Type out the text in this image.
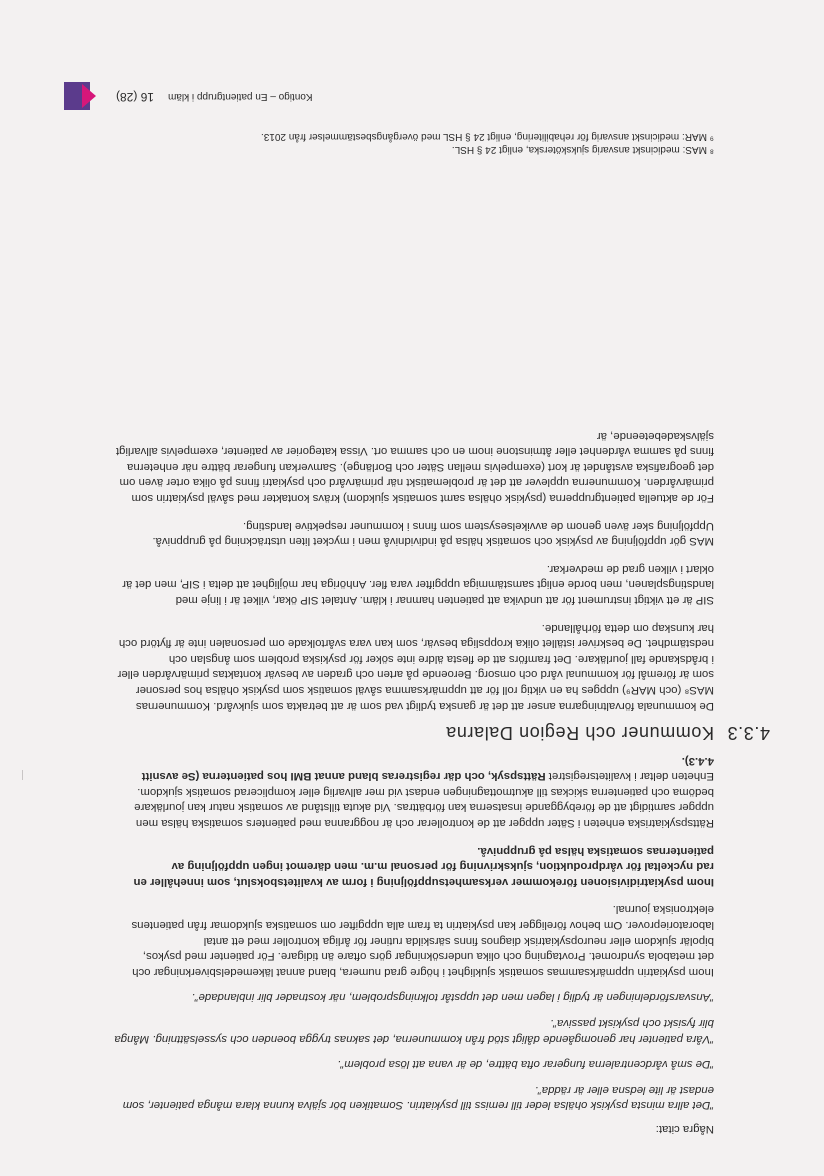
Några citat:

”Det allra minsta psykisk ohälsa leder till remiss till psykiatrin. Somatiken bör själva kunna klara många patienter, som endast är lite ledsna eller är rädda”.

”De små vårdcentralerna fungerar ofta bättre, de är vana att lösa problem”.

”Våra patienter har genomgående dåligt stöd från kommunerna, det saknas trygga boenden och sysselsättning. Många blir fysiskt och psykiskt passiva”.

”Ansvarsfördelningen är tydlig i lagen men det uppstår tolkningsproblem, när kostnader blir inblandade”.

Inom psykiatrin uppmärksammas somatisk sjuklighet i högre grad numera, bland annat läkemedelsbiverkningar och det metabola syndromet. Provtagning och olika undersökningar görs oftare än tidigare. För patienter med psykos, bipolär sjukdom eller neuropsykiatrisk diagnos finns särskilda rutiner för årliga kontroller med ett antal laboratorieprover. Om behov föreligger kan psykiatrin ta fram alla uppgifter om somatiska sjukdomar från patientens elektroniska journal.

Inom psykiatridivisionen förekommer verksamhetsuppföljning i form av kvalitetsbokslut, som innehåller en rad nyckeltal för vårdproduktion, sjukskrivning för personal m.m. men däremot ingen uppföljning av patienternas somatiska hälsa på gruppnivå.

Rättspsykiatriska enheten i Säter uppger att de kontrollerar och är noggranna med patienters somatiska hälsa men uppger samtidigt att de förebyggande insatserna kan förbättras. Vid akuta tillstånd av somatisk natur kan jourläkare bedöma och patienterna skickas till akutmottagningen endast vid mer allvarlig eller komplicerad somatisk sjukdom. Enheten deltar i kvalitetsregistret Rättspsyk, och där registreras bland annat BMI hos patienterna (Se avsnitt 4.4.3).

4.3.3Kommuner och Region Dalarna

De kommunala förvaltningarna anser att det är ganska tydligt vad som är att betrakta som sjukvård. Kommunernas MAS⁸ (och MAR⁹) uppges ha en viktig roll för att uppmärksamma såväl somatisk som psykisk ohälsa hos personer som är föremål för kommunal vård och omsorg. Beroende på arten och graden av besvär kontaktas primärvården eller i brådskande fall jourläkare. Det framförs att de flesta äldre inte söker för psykiska problem som ångslan och nedstämdhet. De beskriver istället olika kroppsliga besvär, som kan vara svårtolkade om personalen inte är flytörd och har kunskap om detta förhållande.

SIP är ett viktigt instrument för att undvika att patienten hamnar i kläm. Antalet SIP ökar, vilket är i linje med landstingsplanen, men borde enligt samstämmiga uppgifter vara fler. Anhöriga har möjlighet att delta i SIP, men det är oklart i vilken grad de medverkar.

MAS gör uppföljning av psykisk och somatisk hälsa på individnivå men i mycket liten utsträckning på gruppnivå. Uppföljning sker även genom de avvikelsesystem som finns i kommuner respektive landsting.

För de aktuella patientgrupperna (psykisk ohälsa samt somatisk sjukdom) krävs kontakter med såväl psykiatrin som primärvården. Kommunerna upplever att det är problematiskt när primärvård och psykiatri finns på olika orter även om det geografiska avståndet är kort (exempelvis mellan Säter och Borlänge). Samverkan fungerar bättre när enheterna finns på samma vårdenhet eller åtminstone inom en och samma ort. Vissa kategorier av patienter, exempelvis allvarligt självskadebeteende, är

⁸ MAS: medicinskt ansvarig sjuksköterska, enligt 24 § HSL.
⁹ MAR: medicinskt ansvarig för rehabilitering, enligt 24 § HSL med övergångsbestämmelser från 2013.
Kontigo – En patientgrupp i kläm
16 (28)
